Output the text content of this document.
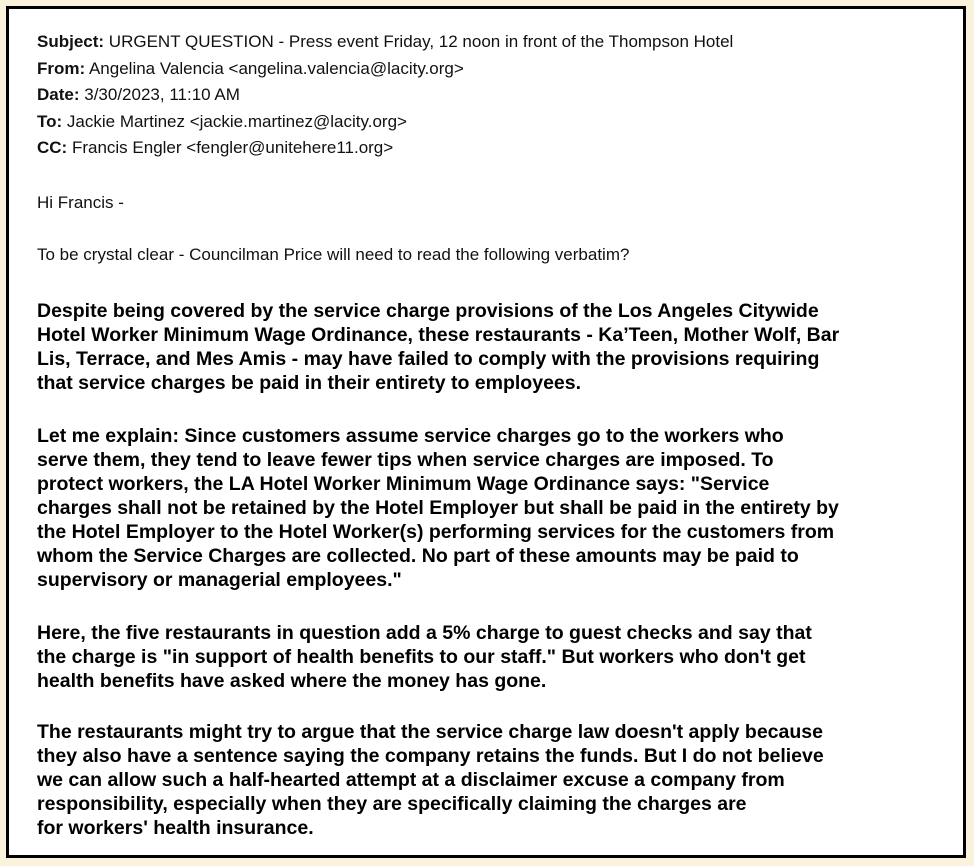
Subject: URGENT QUESTION - Press event Friday, 12 noon in front of the Thompson Hotel
From: Angelina Valencia <angelina.valencia@lacity.org>
Date: 3/30/2023, 11:10 AM
To: Jackie Martinez <jackie.martinez@lacity.org>
CC: Francis Engler <fengler@unitehere11.org>
Hi Francis -
To be crystal clear - Councilman Price will need to read the following verbatim?
Despite being covered by the service charge provisions of the Los Angeles Citywide
Hotel Worker Minimum Wage Ordinance, these restaurants - Ka’Teen, Mother Wolf, Bar
Lis, Terrace, and Mes Amis - may have failed to comply with the provisions requiring
that service charges be paid in their entirety to employees.
Let me explain: Since customers assume service charges go to the workers who
serve them, they tend to leave fewer tips when service charges are imposed. To
protect workers, the LA Hotel Worker Minimum Wage Ordinance says: "Service
charges shall not be retained by the Hotel Employer but shall be paid in the entirety by
the Hotel Employer to the Hotel Worker(s) performing services for the customers from
whom the Service Charges are collected. No part of these amounts may be paid to
supervisory or managerial employees."
Here, the five restaurants in question add a 5% charge to guest checks and say that
the charge is "in support of health benefits to our staff." But workers who don't get
health benefits have asked where the money has gone.
The restaurants might try to argue that the service charge law doesn't apply because
they also have a sentence saying the company retains the funds. But I do not believe
we can allow such a half-hearted attempt at a disclaimer excuse a company from
responsibility, especially when they are specifically claiming the charges are
for workers' health insurance.
